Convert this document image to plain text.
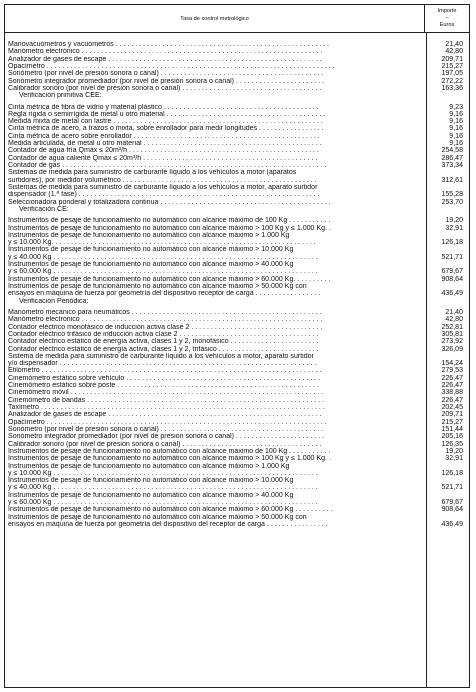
Tasa de control metrológico
Importe
–
Euros
Manovacuómetros y vacuómetros . . . . . . . . . . . . . . . . . . . . . . . . . . . . . . . . . . . . . . . . . . . . . . . . . . . . . . .	21,40
Manómetro electrónico . . . . . . . . . . . . . . . . . . . . . . . . . . . . . . . . . . . . . . . . . . . . . . . . . . . . . . . . . . . . . .	42,80
Analizador de gases de escape . . . . . . . . . . . . . . . . . . . . . . . . . . . . . . . . . . . . . . . . . . . . . . . . . . . . . . .	209,71
Opacímetro . . . . . . . . . . . . . . . . . . . . . . . . . . . . . . . . . . . . . . . . . . . . . . . . . . . . . . . . . . . . . . . . . . . . . . . . . .	215,27
Sonómetro (por nivel de presión sonora o canal) . . . . . . . . . . . . . . . . . . . . . . . . . . . . . . . . . . . . . . . . . .	197,05
Sonómetro integrador promediador (por nivel de presión sonora o canal) . . . . . . . . . . . . . . . . . . . . . . .	272,22
Calibrador sonoro (por nivel de presión sonora o canal) . . . . . . . . . . . . . . . . . . . . . . . . . . . . . . . . . . . .	163,36
Verificación primitiva CEE:
Cinta métrica de fibra de vidrio y material plástico . . . . . . . . . . . . . . . . . . . . . . . . . . . . . . . . . . . . . . . .	9,23
Regla rígida o semirrígida de metal u otro material . . . . . . . . . . . . . . . . . . . . . . . . . . . . . . . . . . . . . . . . .	9,16
Medida mixta de metal con lastre . . . . . . . . . . . . . . . . . . . . . . . . . . . . . . . . . . . . . . . . . . . . . . . . . . . . . .	9,16
Cinta métrica de acero, a trazos o mixta, sobre enrollador para medir longitudes . . . . . . . . . . . . . . . . .	9,16
Cinta métrica de acero sobre enrollador . . . . . . . . . . . . . . . . . . . . . . . . . . . . . . . . . . . . . . . . . . . . . . . .	9,16
Medida articulada, de metal u otro material . . . . . . . . . . . . . . . . . . . . . . . . . . . . . . . . . . . . . . . . . . . . . .	9,16
Contador de agua fría Qmáx ≤ 20m³/h . . . . . . . . . . . . . . . . . . . . . . . . . . . . . . . . . . . . . . . . . . . . . . . . .	254,58
Contador de agua caliente Qmáx ≤ 20m³/h . . . . . . . . . . . . . . . . . . . . . . . . . . . . . . . . . . . . . . . . . . . . .	286,47
Contador de gas . . . . . . . . . . . . . . . . . . . . . . . . . . . . . . . . . . . . . . . . . . . . . . . . . . . . . . . . . . . . . . . . . . . .	373,34
Sistemas de medida para suministro de carburante líquido a los vehículos a motor (aparatos
surtidores), por medidor volumétrico . . . . . . . . . . . . . . . . . . . . . . . . . . . . . . . . . . . . . . . . . . . . . . . . . .	312,61
Sistemas de medida para suministro de carburante líquido a los vehículos a motor, aparato surtidor
dispensador (1.ª fase) . . . . . . . . . . . . . . . . . . . . . . . . . . . . . . . . . . . . . . . . . . . . . . . . . . . . . . . . . . . . . .	155,28
Seleccionadora ponderal y totalizadora continua . . . . . . . . . . . . . . . . . . . . . . . . . . . . . . . . . . . . . . . . . . . .	253,70
Verificación CE:
Instrumentos de pesaje de funcionamiento no automático con alcance máximo de 100 Kg . . . . . . . . . . .	19,20
Instrumentos de pesaje de funcionamiento no automático con alcance máximo > 100 Kg y ≤ 1.000 Kg. .	32,91
Instrumentos de pesaje de funcionamiento no automático con alcance máximo > 1.000 Kg
y ≤ 10.000 Kg. . . . . . . . . . . . . . . . . . . . . . . . . . . . . . . . . . . . . . . . . . . . . . . . . . . . . . . . . . . . . . . . . . . .	126,18
Instrumentos de pesaje de funcionamiento no automático con alcance máximo > 10.000 Kg
y ≤ 40.000 Kg . . . . . . . . . . . . . . . . . . . . . . . . . . . . . . . . . . . . . . . . . . . . . . . . . . . . . . . . . . . . . . . . . . . .	521,71
Instrumentos de pesaje de funcionamiento no automático con alcance máximo > 40.000 Kg
y ≤ 60.000 Kg . . . . . . . . . . . . . . . . . . . . . . . . . . . . . . . . . . . . . . . . . . . . . . . . . . . . . . . . . . . . . . . . . . . .	679,67
Instrumentos de pesaje de funcionamiento no automático con alcance máximo > 60.000 Kg. . . . . . . . . .	908,64
Instrumentos de pesaje de funcionamiento no automático con alcance máximo > 50.000 Kg con
ensayos en máquina de fuerza por geometría del dispositivo receptor de carga . . . . . . . . . . . . . . . . .	436,49
Verificación Periódica:
Manómetro mecánico para neumáticos . . . . . . . . . . . . . . . . . . . . . . . . . . . . . . . . . . . . . . . . . . . . . . . . .	21,40
Manómetro electrónico . . . . . . . . . . . . . . . . . . . . . . . . . . . . . . . . . . . . . . . . . . . . . . . . . . . . . . . . . . . . . .	42,80
Contador eléctrico monofásico de inducción activa clase 2 . . . . . . . . . . . . . . . . . . . . . . . . . . . . . . . . . .	252,81
Contador eléctrico trifásico de inducción activa clase 2 . . . . . . . . . . . . . . . . . . . . . . . . . . . . . . . . . . . .	305,81
Contador eléctrico estático de energía activa, clases 1 y 2, monofásico . . . . . . . . . . . . . . . . . . . . . . .	273,92
Contador eléctrico estático de energía activa, clases 1 y 2, trifásico . . . . . . . . . . . . . . . . . . . . . . . . . .	326,09
Sistema de medida para suministro de carburante líquido a los vehículos a motor, aparato surtidor
y/o dispensador . . . . . . . . . . . . . . . . . . . . . . . . . . . . . . . . . . . . . . . . . . . . . . . . . . . . . . . . . . . . . . . . . .	154,24
Etilómetro . . . . . . . . . . . . . . . . . . . . . . . . . . . . . . . . . . . . . . . . . . . . . . . . . . . . . . . . . . . . . . . . . . . . . . . .	279,53
Cinemómetro estático sobre vehículo . . . . . . . . . . . . . . . . . . . . . . . . . . . . . . . . . . . . . . . . . . . . . . . . . .	226,47
Cinemómetro estático sobre poste . . . . . . . . . . . . . . . . . . . . . . . . . . . . . . . . . . . . . . . . . . . . . . . . . . . .	226,47
Cinemómetro móvil . . . . . . . . . . . . . . . . . . . . . . . . . . . . . . . . . . . . . . . . . . . . . . . . . . . . . . . . . . . . . . . . .	338,88
Cinemómetro de bandas . . . . . . . . . . . . . . . . . . . . . . . . . . . . . . . . . . . . . . . . . . . . . . . . . . . . . . . . . . . . .	226,47
Taxímetro . . . . . . . . . . . . . . . . . . . . . . . . . . . . . . . . . . . . . . . . . . . . . . . . . . . . . . . . . . . . . . . . . . . . . . . . .	202,45
Analizador de gases de escape . . . . . . . . . . . . . . . . . . . . . . . . . . . . . . . . . . . . . . . . . . . . . . . . . . . . . . .	209,71
Opacímetro . . . . . . . . . . . . . . . . . . . . . . . . . . . . . . . . . . . . . . . . . . . . . . . . . . . . . . . . . . . . . . . . . . . . . . . .	215,27
Sonómetro (por nivel de presión sonora o canal) . . . . . . . . . . . . . . . . . . . . . . . . . . . . . . . . . . . . . . . . . .	151,44
Sonómetro integrador promediador (por nivel de presión sonora o canal) . . . . . . . . . . . . . . . . . . . . . . .	205,16
Calibrador sonoro (por nivel de presión sonora o canal) . . . . . . . . . . . . . . . . . . . . . . . . . . . . . . . . . . . .	126,35
Instrumentos de pesaje de funcionamiento no automático con alcance máximo de 100 Kg . . . . . . . . . . .	19,20
Instrumentos de pesaje de funcionamiento no automático con alcance máximo > 100 Kg y ≤ 1.000 Kg. .	32,91
Instrumentos de pesaje de funcionamiento no automático con alcance máximo > 1.000 Kg
y ≤ 10.000 Kg . . . . . . . . . . . . . . . . . . . . . . . . . . . . . . . . . . . . . . . . . . . . . . . . . . . . . . . . . . . . . . . . . . . .	126,18
Instrumentos de pesaje de funcionamiento no automático con alcance máximo > 10.000 Kg
y ≤ 40.000 Kg . . . . . . . . . . . . . . . . . . . . . . . . . . . . . . . . . . . . . . . . . . . . . . . . . . . . . . . . . . . . . . . . . . . .	521,71
Instrumentos de pesaje de funcionamiento no automático con alcance máximo > 40.000 Kg
y ≤ 60.000 Kg . . . . . . . . . . . . . . . . . . . . . . . . . . . . . . . . . . . . . . . . . . . . . . . . . . . . . . . . . . . . . . . . . . . .	679,67
Instrumentos de pesaje de funcionamiento no automático con alcance máximo > 60.000 Kg . . . . . . . . . .	908,64
Instrumentos de pesaje de funcionamiento no automático con alcance máximo > 50.000 Kg con
ensayos en máquina de fuerza por geometría del dispositivo del receptor de carga . . . . . . . . . . . . . . . .	436,49
